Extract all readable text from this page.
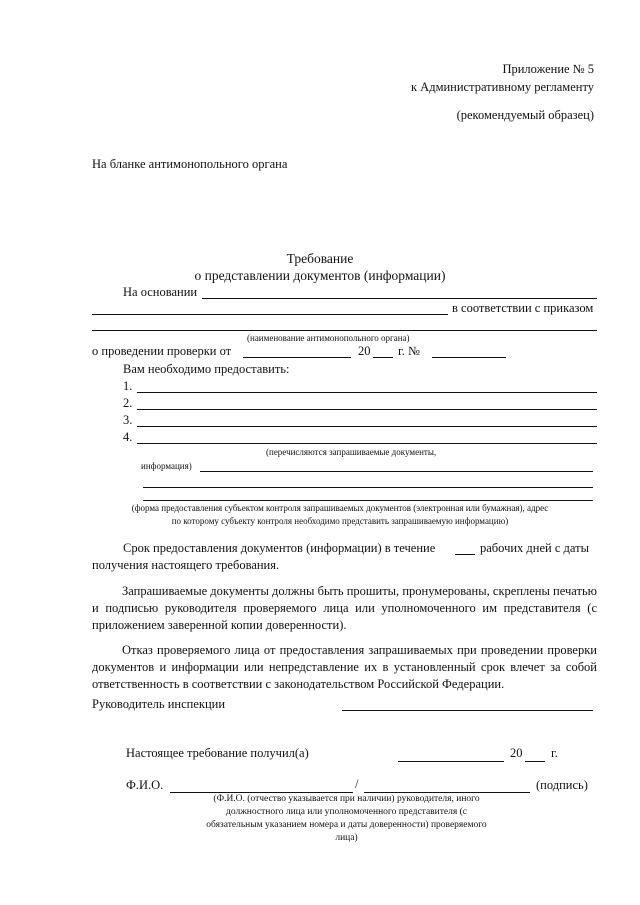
Приложение № 5
к Административному регламенту
(рекомендуемый образец)
На бланке антимонопольного органа
Требование
о представлении документов (информации)
На основании
в соответствии с приказом
(наименование антимонопольного органа)
о проведении проверки от	20 г. №
Вам необходимо предоставить:
1.
2.
3.
4.
(перечисляются запрашиваемые документы,
информация)
(форма предоставления субъектом контроля запрашиваемых документов (электронная или бумажная), адрес
по которому субъекту контроля необходимо представить запрашиваемую информацию)
Срок предоставления документов (информации) в течение	рабочих дней с даты
получения настоящего требования.
Запрашиваемые документы должны быть прошиты, пронумерованы, скреплены печатью и подписью руководителя проверяемого лица или уполномоченного им представителя (с приложением заверенной копии доверенности).
Отказ проверяемого лица от предоставления запрашиваемых при проведении проверки документов и информации или непредставление их в установленный срок влечет за собой ответственность в соответствии с законодательством Российской Федерации.
Руководитель инспекции
Настоящее требование получил(а)	20 г.
Ф.И.О.	/	(подпись)
(Ф.И.О. (отчество указывается при наличии) руководителя, иного
должностного лица или уполномоченного представителя (с
обязательным указанием номера и даты доверенности) проверяемого
лица)
